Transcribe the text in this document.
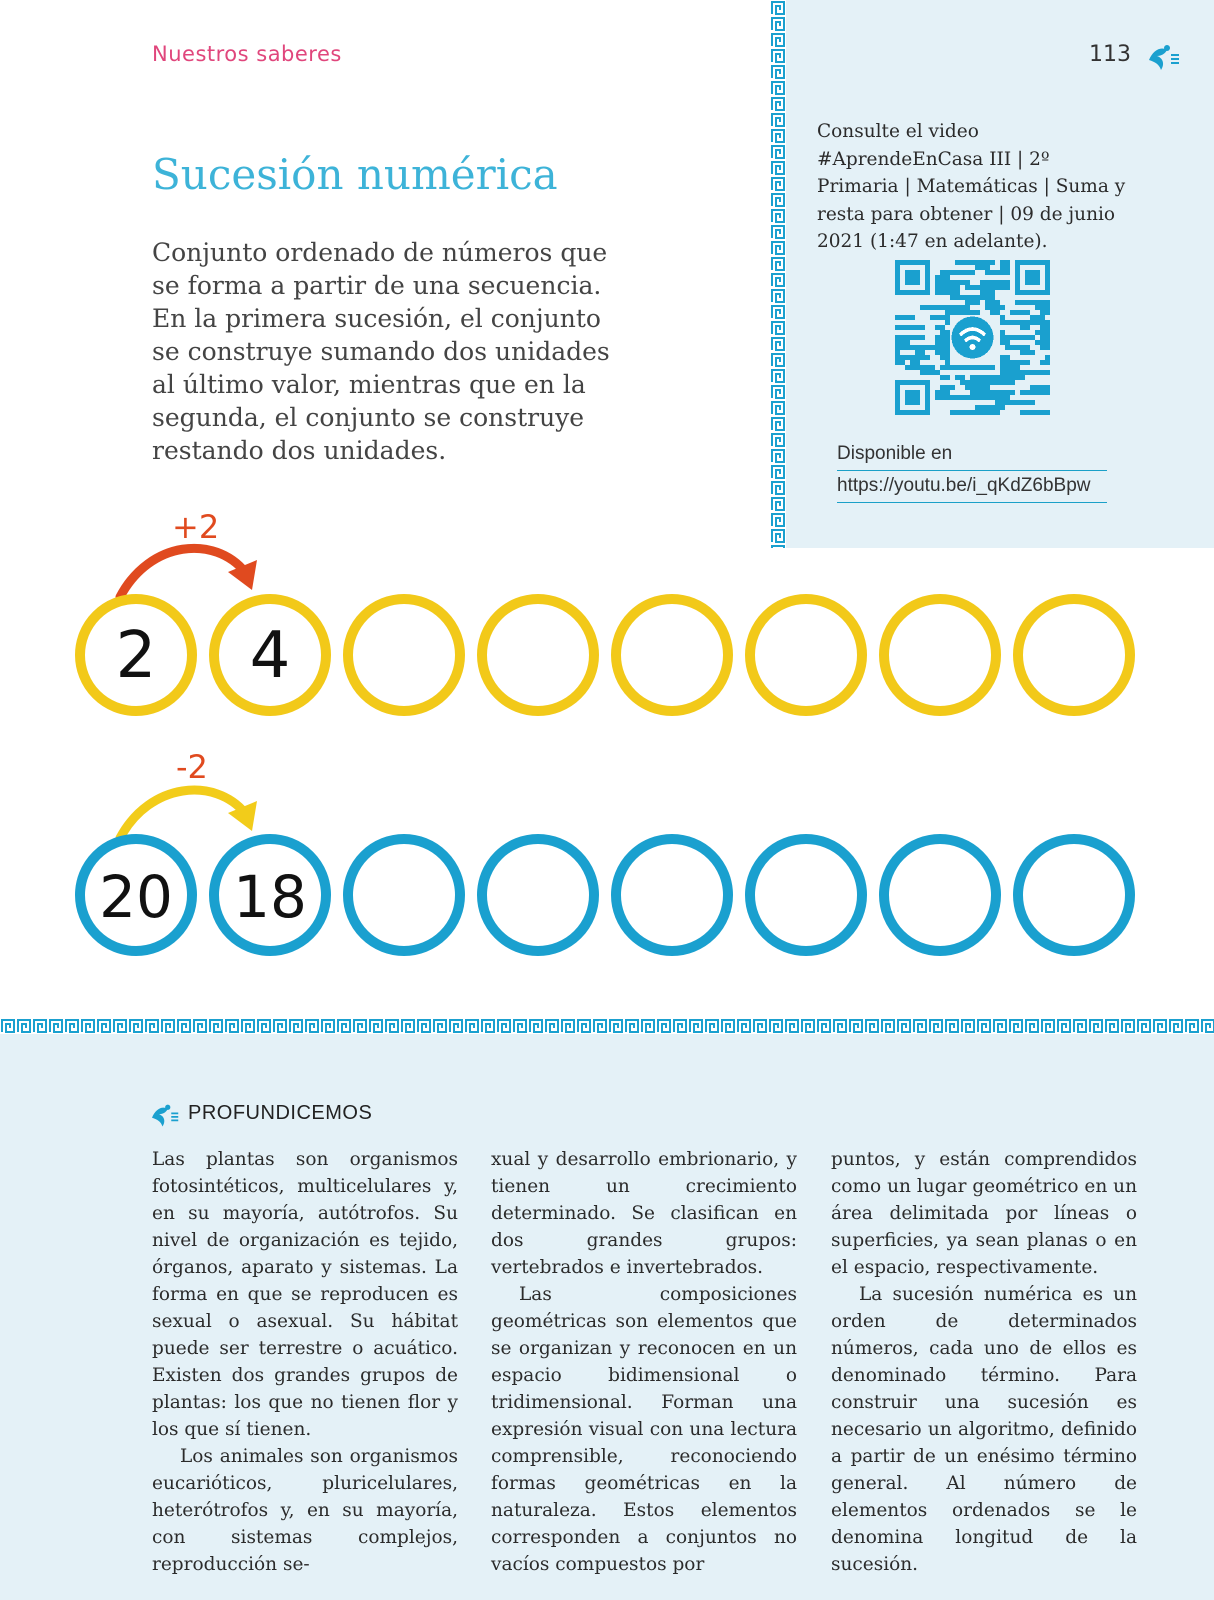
Nuestros saberes	113
Sucesión numérica
Conjunto ordenado de números que se forma a partir de una secuencia. En la primera sucesión, el conjunto se construye sumando dos unidades al último valor, mientras que en la segunda, el conjunto se construye restando dos unidades.
Consulte el video #AprendeEnCasa III | 2º Primaria | Matemáticas | Suma y resta para obtener | 09 de junio 2021 (1:47 en adelante).
Disponible en
https://youtu.be/i_qKdZ6bBpw
+2
-2
2 4
20 18
PROFUNDICEMOS

Las plantas son organismos fotosintéticos, multicelulares y, en su mayoría, autótrofos. Su nivel de organización es tejido, órganos, aparato y sistemas. La forma en que se reproducen es sexual o asexual. Su hábitat puede ser terrestre o acuático. Existen dos grandes grupos de plantas: los que no tienen flor y los que sí tienen.

Los animales son organismos eucarióticos, pluricelulares, heterótrofos y, en su mayoría, con sistemas complejos, reproducción se-

xual y desarrollo embrionario, y tienen un crecimiento determinado. Se clasifican en dos grandes grupos: vertebrados e invertebrados.

Las composiciones geométricas son elementos que se organizan y reconocen en un espacio bidimensional o tridimensional. Forman una expresión visual con una lectura comprensible, reconociendo formas geométricas en la naturaleza. Estos elementos corresponden a conjuntos no vacíos compuestos por

puntos, y están comprendidos como un lugar geométrico en un área delimitada por líneas o superficies, ya sean planas o en el espacio, respectivamente.

La sucesión numérica es un orden de determinados números, cada uno de ellos es denominado término. Para construir una sucesión es necesario un algoritmo, definido a partir de un enésimo término general. Al número de elementos ordenados se le denomina longitud de la sucesión.
